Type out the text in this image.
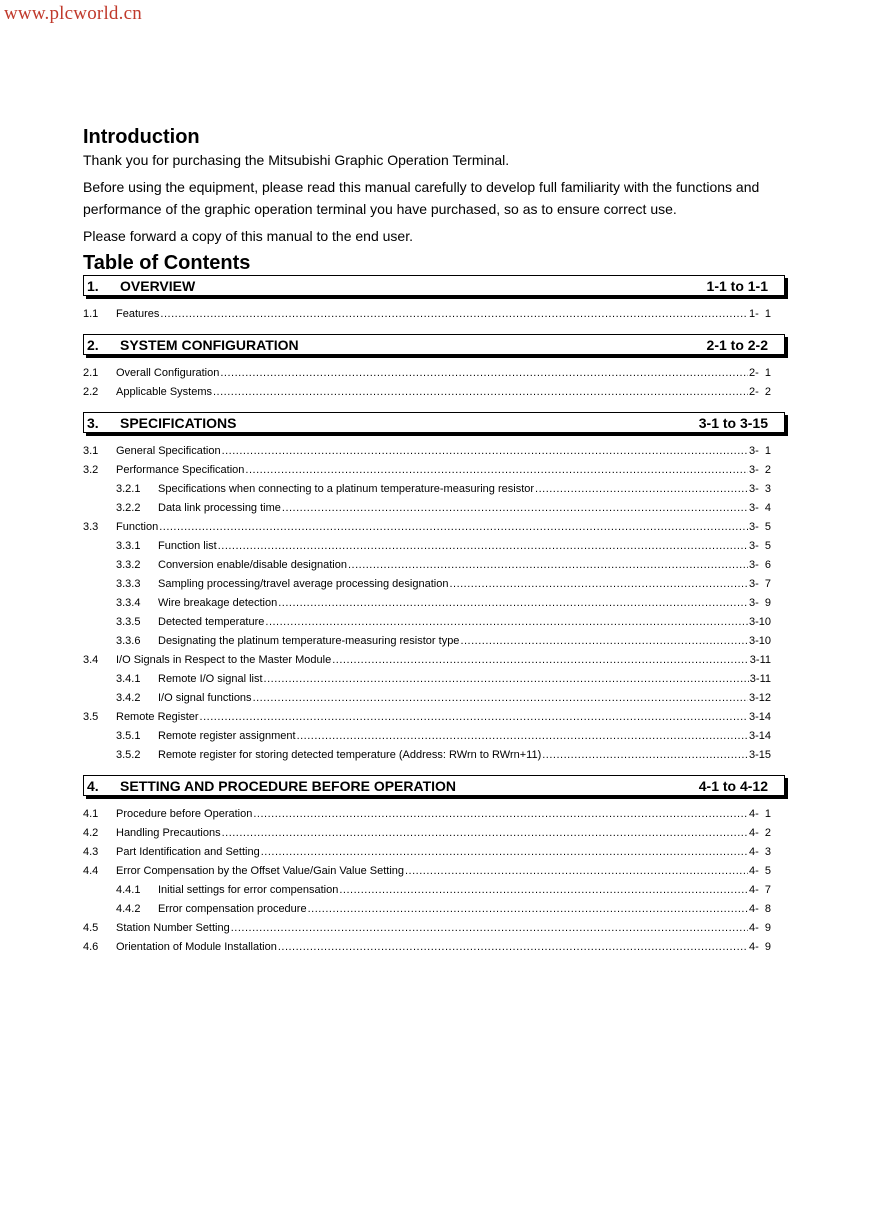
www.plcworld.cn
Introduction

Thank you for purchasing the Mitsubishi Graphic Operation Terminal.

Before using the equipment, please read this manual carefully to develop full familiarity with the functions and performance of the graphic operation terminal you have purchased, so as to ensure correct use.

Please forward a copy of this manual to the end user.

Table of Contents
1.	OVERVIEW	1-1 to 1-1
1.1	Features .....	1-  1
2.	SYSTEM CONFIGURATION	2-1 to 2-2
2.1	Overall Configuration .....	2-  1
2.2	Applicable Systems .....	2-  2
3.	SPECIFICATIONS	3-1 to 3-15
3.1	General Specification .....	3-  1
3.2	Performance Specification .....	3-  2
3.2.1	Specifications when connecting to a platinum temperature-measuring resistor .....	3-  3
3.2.2	Data link processing time .....	3-  4
3.3	Function .....	3-  5
3.3.1	Function list .....	3-  5
3.3.2	Conversion enable/disable designation .....	3-  6
3.3.3	Sampling processing/travel average processing designation .....	3-  7
3.3.4	Wire breakage detection .....	3-  9
3.3.5	Detected temperature .....	3-10
3.3.6	Designating the platinum temperature-measuring resistor type .....	3-10
3.4	I/O Signals in Respect to the Master Module .....	3-11
3.4.1	Remote I/O signal list .....	3-11
3.4.2	I/O signal functions .....	3-12
3.5	Remote Register .....	3-14
3.5.1	Remote register assignment .....	3-14
3.5.2	Remote register for storing detected temperature (Address: RWrn to RWrn+11) .....	3-15
4.	SETTING AND PROCEDURE BEFORE OPERATION	4-1 to 4-12
4.1	Procedure before Operation .....	4-  1
4.2	Handling Precautions .....	4-  2
4.3	Part Identification and Setting .....	4-  3
4.4	Error Compensation by the Offset Value/Gain Value Setting .....	4-  5
4.4.1	Initial settings for error compensation .....	4-  7
4.4.2	Error compensation procedure .....	4-  8
4.5	Station Number Setting .....	4-  9
4.6	Orientation of Module Installation .....	4-  9
